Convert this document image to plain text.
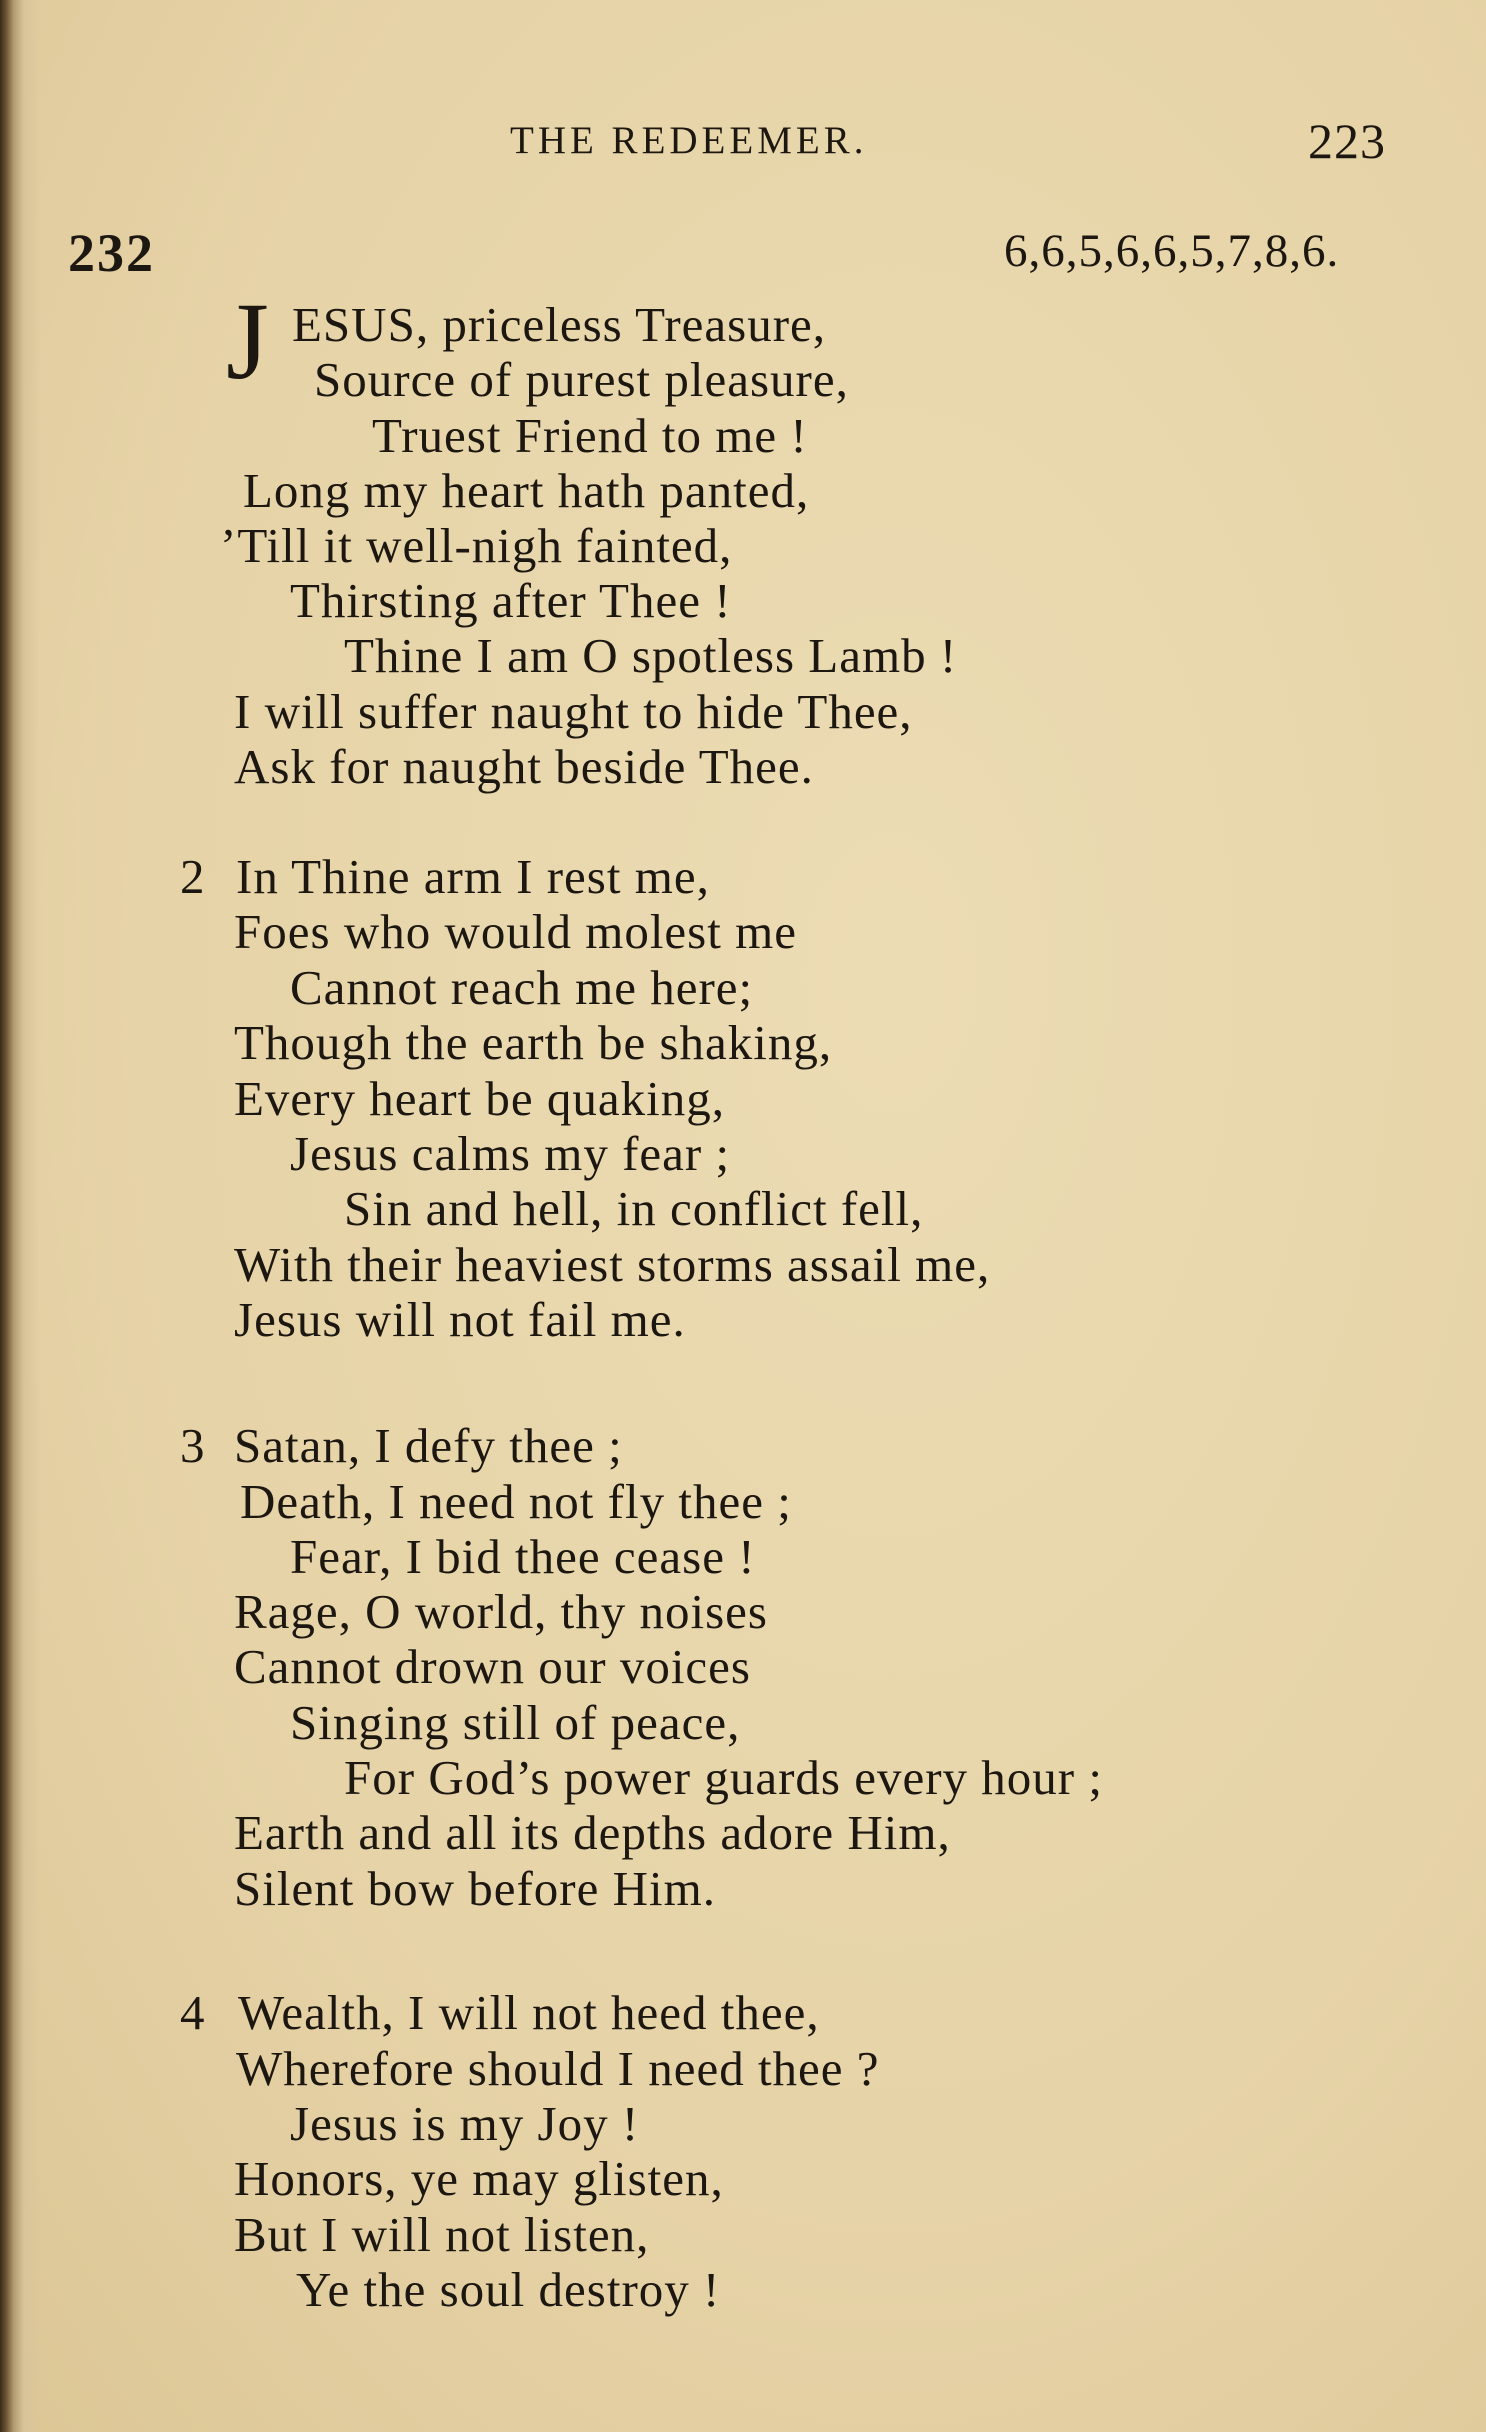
THE REDEEMER.	223
232	6,6,5,6,6,5,7,8,6.
J ESUS, priceless Treasure,
Source of purest pleasure,
Truest Friend to me !
Long my heart hath panted,
’Till it well-nigh fainted,
Thirsting after Thee !
Thine I am O spotless Lamb !
I will suffer naught to hide Thee,
Ask for naught beside Thee.
2 In Thine arm I rest me,
Foes who would molest me
Cannot reach me here;
Though the earth be shaking,
Every heart be quaking,
Jesus calms my fear ;
Sin and hell, in conflict fell,
With their heaviest storms assail me,
Jesus will not fail me.
3 Satan, I defy thee ;
Death, I need not fly thee ;
Fear, I bid thee cease !
Rage, O world, thy noises
Cannot drown our voices
Singing still of peace,
For God’s power guards every hour ;
Earth and all its depths adore Him,
Silent bow before Him.
4 Wealth, I will not heed thee,
Wherefore should I need thee ?
Jesus is my Joy !
Honors, ye may glisten,
But I will not listen,
Ye the soul destroy !
